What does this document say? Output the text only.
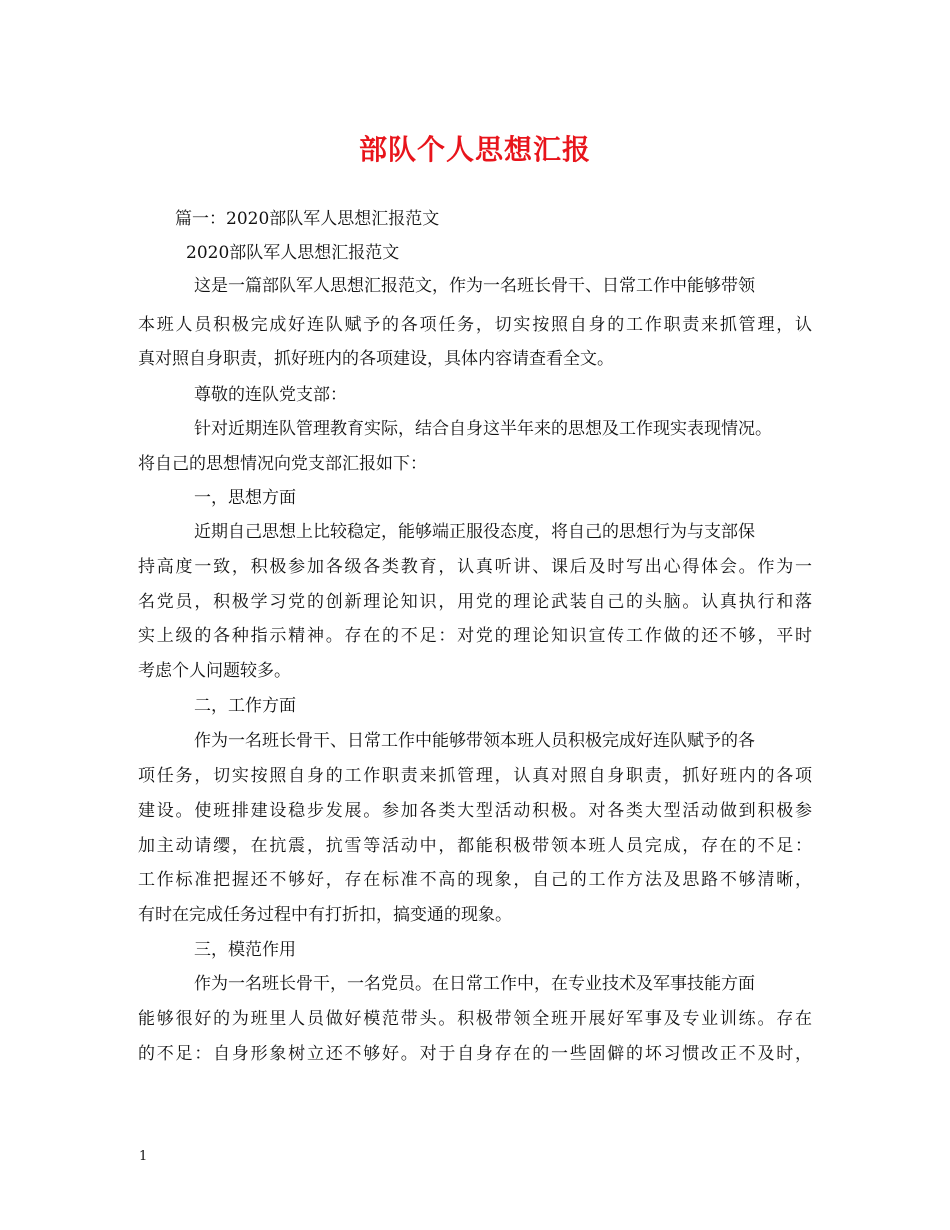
部队个人思想汇报
篇一：2020部队军人思想汇报范文
2020部队军人思想汇报范文
这是一篇部队军人思想汇报范文，作为一名班长骨干、日常工作中能够带领
本班人员积极完成好连队赋予的各项任务，切实按照自身的工作职责来抓管理，认
真对照自身职责，抓好班内的各项建设，具体内容请查看全文。
尊敬的连队党支部：
针对近期连队管理教育实际，结合自身这半年来的思想及工作现实表现情况。
将自己的思想情况向党支部汇报如下：
一，思想方面
近期自己思想上比较稳定，能够端正服役态度，将自己的思想行为与支部保
持高度一致，积极参加各级各类教育，认真听讲、课后及时写出心得体会。作为一
名党员，积极学习党的创新理论知识，用党的理论武装自己的头脑。认真执行和落
实上级的各种指示精神。存在的不足：对党的理论知识宣传工作做的还不够，平时
考虑个人问题较多。
二，工作方面
作为一名班长骨干、日常工作中能够带领本班人员积极完成好连队赋予的各
项任务，切实按照自身的工作职责来抓管理，认真对照自身职责，抓好班内的各项
建设。使班排建设稳步发展。参加各类大型活动积极。对各类大型活动做到积极参
加主动请缨，在抗震，抗雪等活动中，都能积极带领本班人员完成，存在的不足：
工作标准把握还不够好，存在标准不高的现象，自己的工作方法及思路不够清晰，
有时在完成任务过程中有打折扣，搞变通的现象。
三，模范作用
作为一名班长骨干，一名党员。在日常工作中，在专业技术及军事技能方面
能够很好的为班里人员做好模范带头。积极带领全班开展好军事及专业训练。存在
的不足：自身形象树立还不够好。对于自身存在的一些固僻的坏习惯改正不及时，
1
